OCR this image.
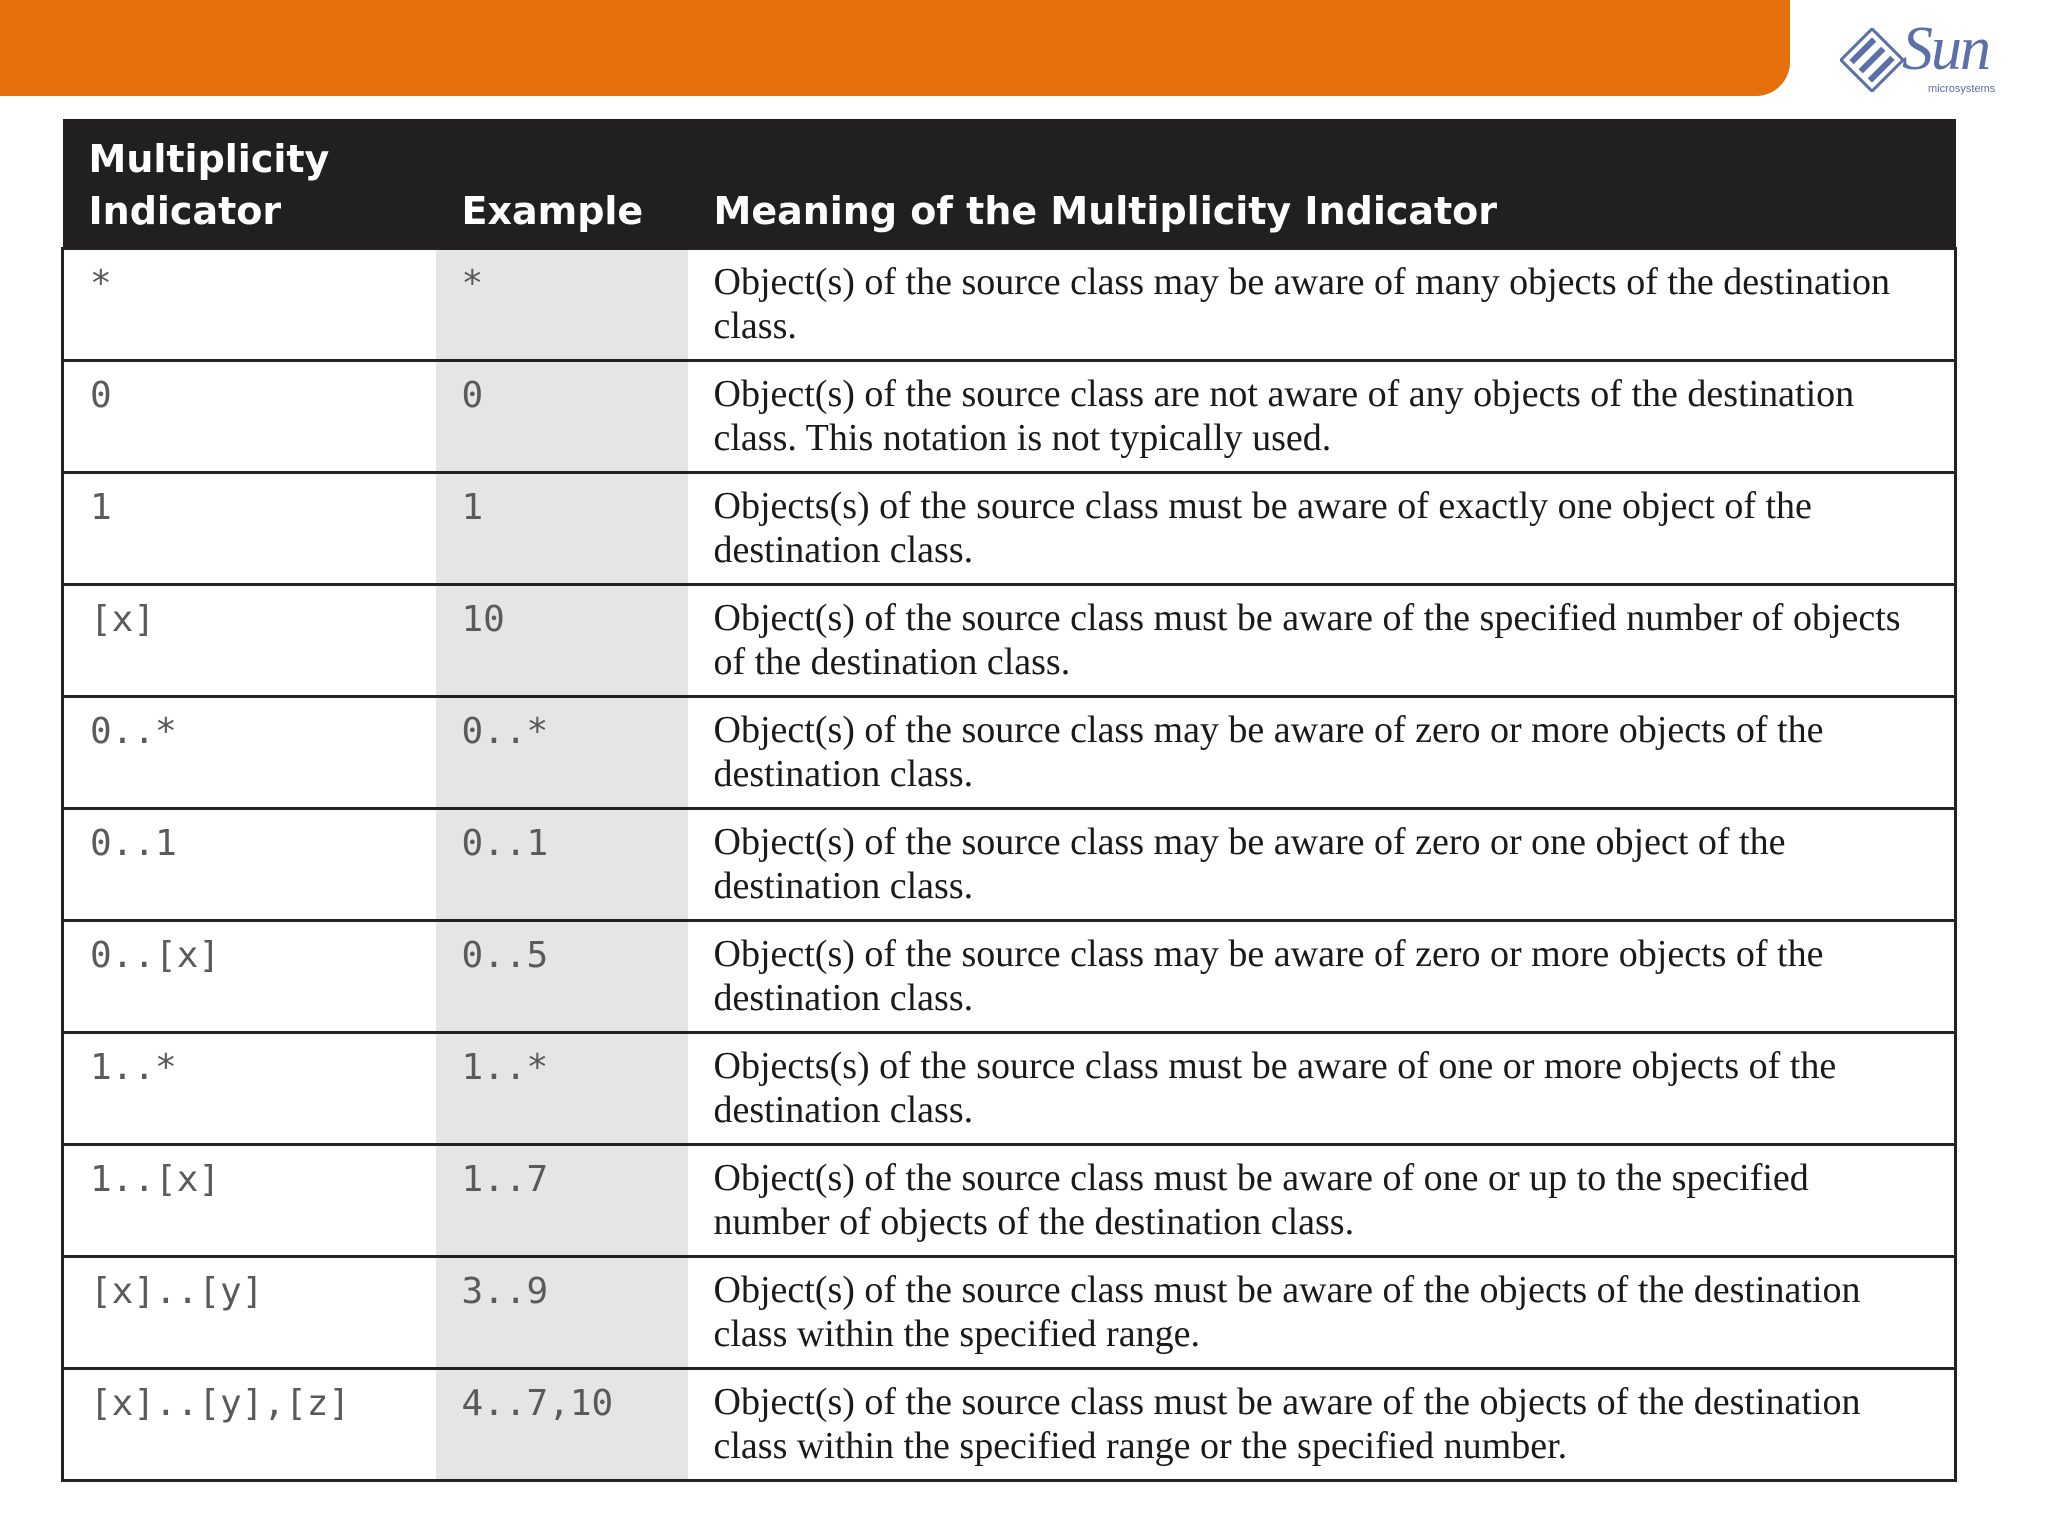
Sun
microsystems
Multiplicity Indicator	Example	Meaning of the Multiplicity Indicator
*	*	Object(s) of the source class may be aware of many objects of the destination class.
0	0	Object(s) of the source class are not aware of any objects of the destination class. This notation is not typically used.
1	1	Objects(s) of the source class must be aware of exactly one object of the destination class.
[x]	10	Object(s) of the source class must be aware of the specified number of objects of the destination class.
0..*	0..*	Object(s) of the source class may be aware of zero or more objects of the destination class.
0..1	0..1	Object(s) of the source class may be aware of zero or one object of the destination class.
0..[x]	0..5	Object(s) of the source class may be aware of zero or more objects of the destination class.
1..*	1..*	Objects(s) of the source class must be aware of one or more objects of the destination class.
1..[x]	1..7	Object(s) of the source class must be aware of one or up to the specified number of objects of the destination class.
[x]..[y]	3..9	Object(s) of the source class must be aware of the objects of the destination class within the specified range.
[x]..[y],[z]	4..7,10	Object(s) of the source class must be aware of the objects of the destination class within the specified range or the specified number.
